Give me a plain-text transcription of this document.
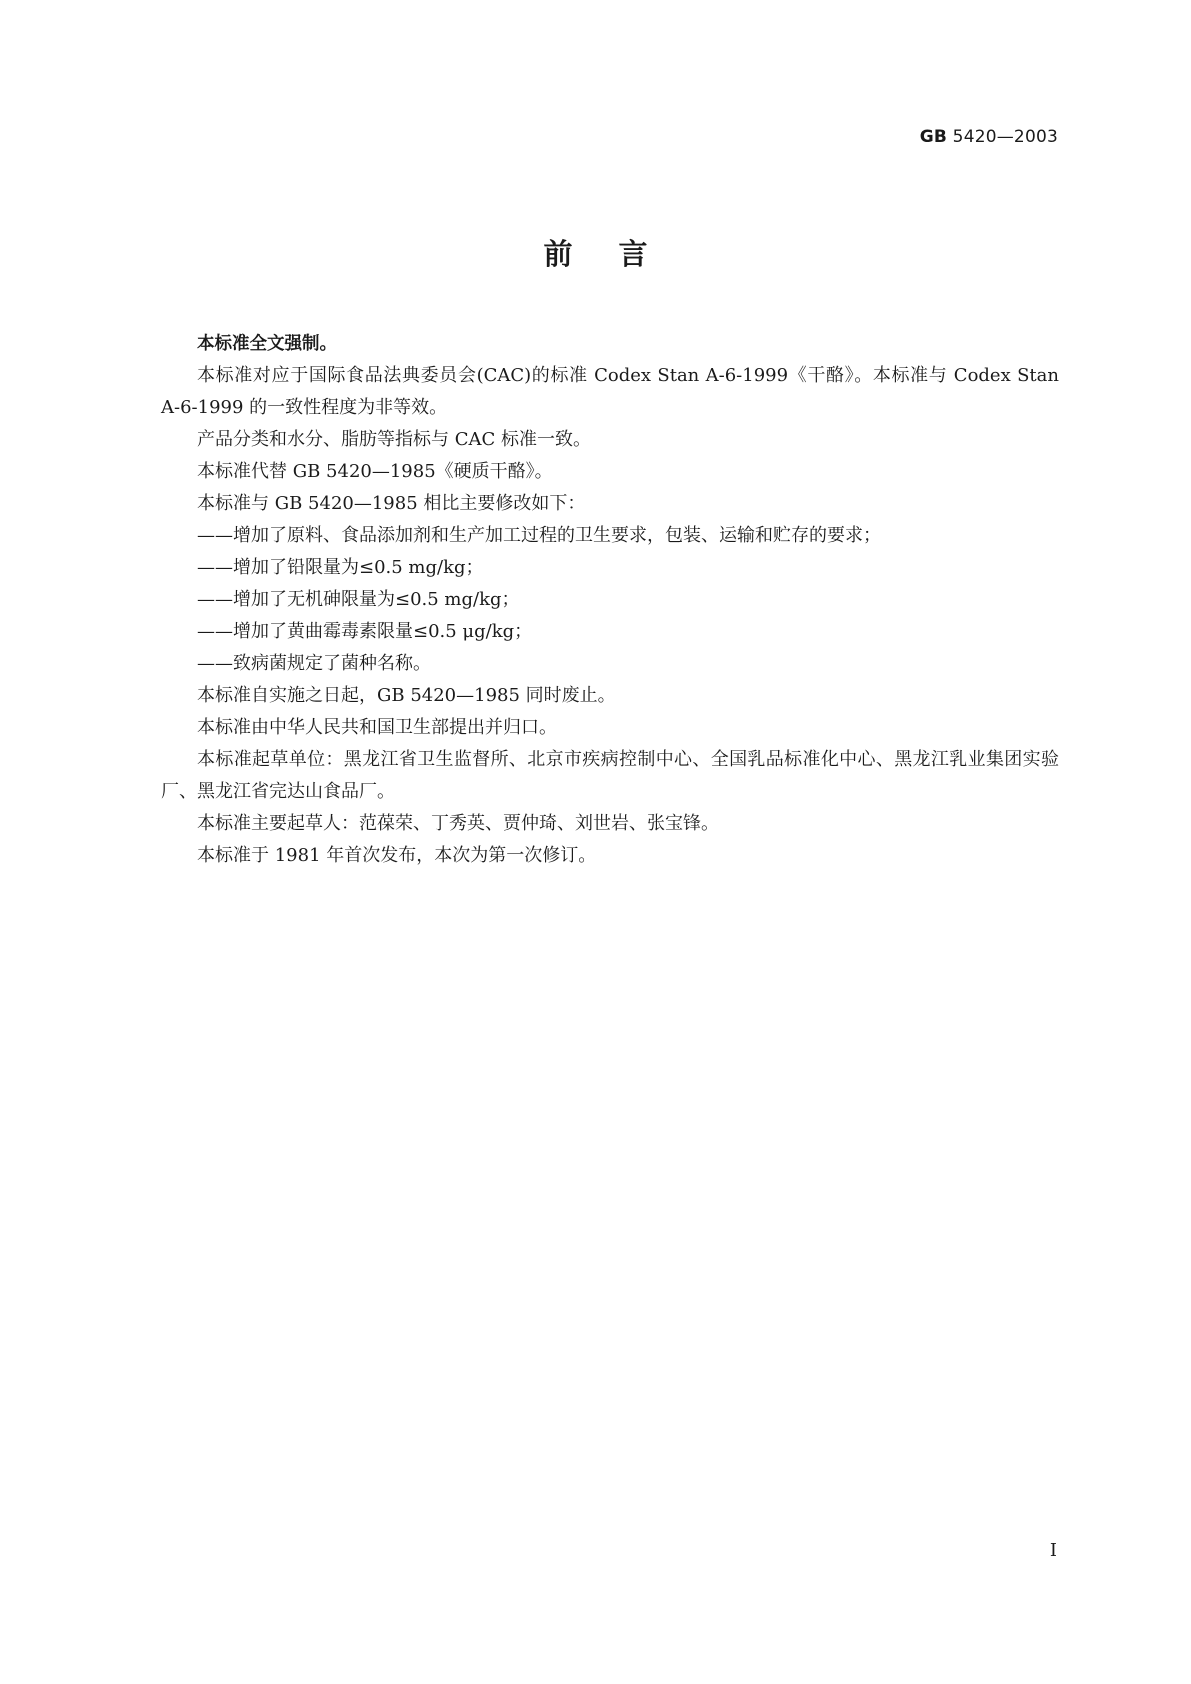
GB 5420—2003
前言

本标准全文强制。

本标准对应于国际食品法典委员会(CAC)的标准 Codex Stan A-6-1999《干酪》。本标准与 Codex Stan A-6-1999 的一致性程度为非等效。

产品分类和水分、脂肪等指标与 CAC 标准一致。

本标准代替 GB 5420—1985《硬质干酪》。

本标准与 GB 5420—1985 相比主要修改如下：

——增加了原料、食品添加剂和生产加工过程的卫生要求，包装、运输和贮存的要求；

——增加了铅限量为≤0.5 mg/kg；

——增加了无机砷限量为≤0.5 mg/kg；

——增加了黄曲霉毒素限量≤0.5 μg/kg；

——致病菌规定了菌种名称。

本标准自实施之日起，GB 5420—1985 同时废止。

本标准由中华人民共和国卫生部提出并归口。

本标准起草单位：黑龙江省卫生监督所、北京市疾病控制中心、全国乳品标准化中心、黑龙江乳业集团实验厂、黑龙江省完达山食品厂。

本标准主要起草人：范葆荣、丁秀英、贾仲琦、刘世岩、张宝锋。

本标准于 1981 年首次发布，本次为第一次修订。

I
